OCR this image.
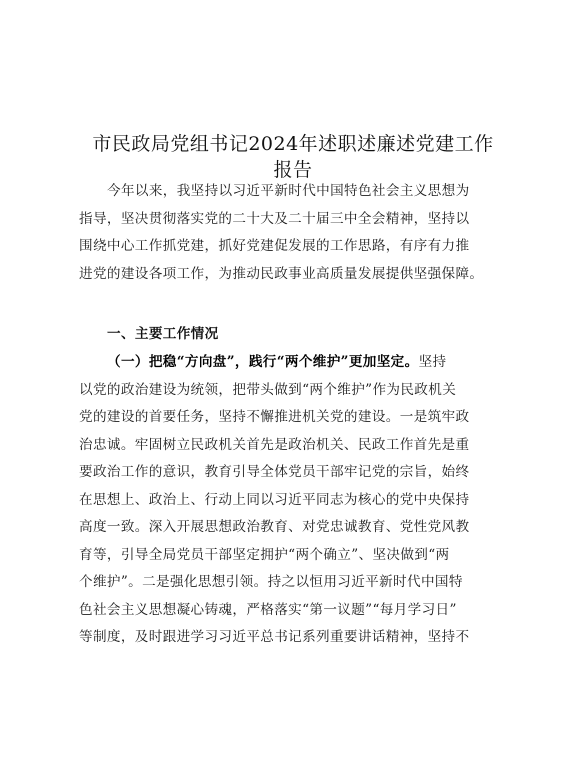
市民政局党组书记2024年述职述廉述党建工作
报告
今年以来，我坚持以习近平新时代中国特色社会主义思想为
指导，坚决贯彻落实党的二十大及二十届三中全会精神，坚持以
围绕中心工作抓党建，抓好党建促发展的工作思路，有序有力推
进党的建设各项工作，为推动民政事业高质量发展提供坚强保障。
一、主要工作情况
（一）把稳“方向盘”，践行“两个维护”更加坚定。坚持
以党的政治建设为统领，把带头做到“两个维护”作为民政机关
党的建设的首要任务，坚持不懈推进机关党的建设。一是筑牢政
治忠诚。牢固树立民政机关首先是政治机关、民政工作首先是重
要政治工作的意识，教育引导全体党员干部牢记党的宗旨，始终
在思想上、政治上、行动上同以习近平同志为核心的党中央保持
高度一致。深入开展思想政治教育、对党忠诚教育、党性党风教
育等，引导全局党员干部坚定拥护“两个确立”、坚决做到“两
个维护”。二是强化思想引领。持之以恒用习近平新时代中国特
色社会主义思想凝心铸魂，严格落实“第一议题”“每月学习日”
等制度，及时跟进学习习近平总书记系列重要讲话精神，坚持不
